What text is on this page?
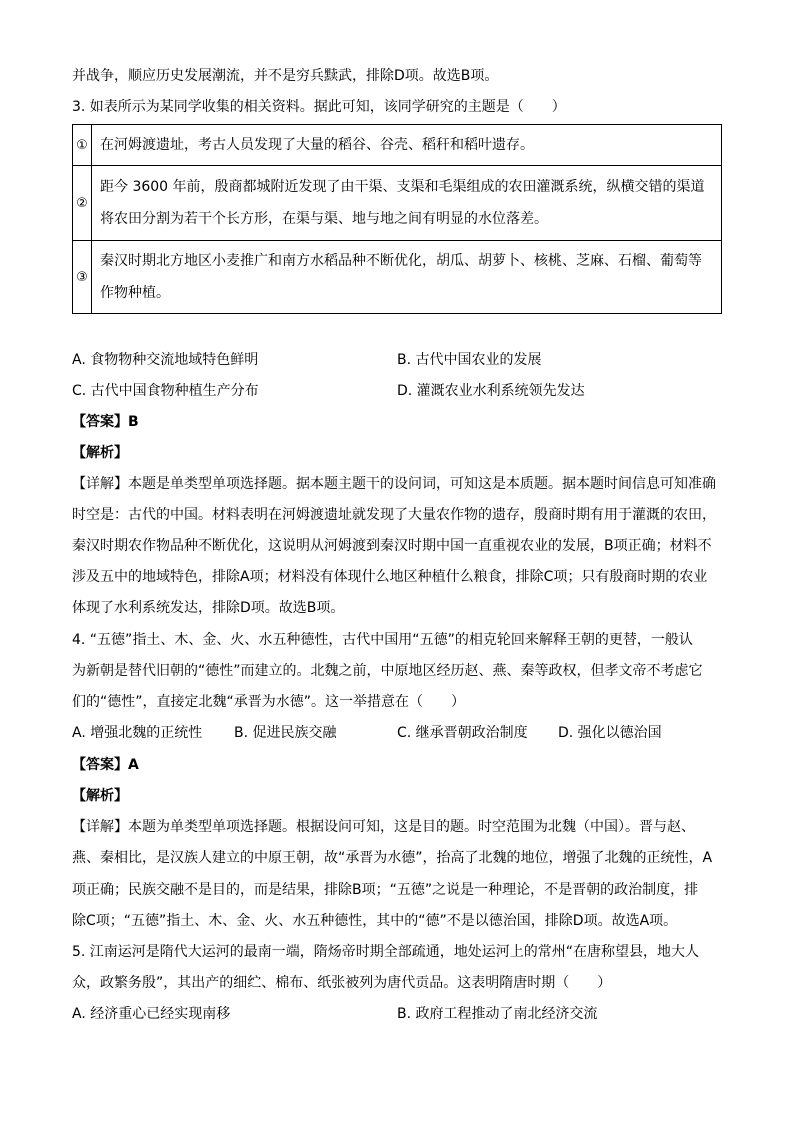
并战争，顺应历史发展潮流，并不是穷兵黩武，排除D项。故选B项。
3. 如表所示为某同学收集的相关资料。据此可知，该同学研究的主题是（　　）
①	在河姆渡遗址，考古人员发现了大量的稻谷、谷壳、稻秆和稻叶遗存。
②	距今 3600 年前，殷商都城附近发现了由干渠、支渠和毛渠组成的农田灌溉系统，纵横交错的渠道将农田分割为若干个长方形，在渠与渠、地与地之间有明显的水位落差。
③	秦汉时期北方地区小麦推广和南方水稻品种不断优化，胡瓜、胡萝卜、核桃、芝麻、石榴、葡萄等作物种植。
A. 食物物种交流地域特色鲜明	B. 古代中国农业的发展
C. 古代中国食物种植生产分布	D. 灌溉农业水利系统领先发达
【答案】B
【解析】
【详解】本题是单类型单项选择题。据本题主题干的设问词，可知这是本质题。据本题时间信息可知准确
时空是：古代的中国。材料表明在河姆渡遗址就发现了大量农作物的遗存，殷商时期有用于灌溉的农田，
秦汉时期农作物品种不断优化，这说明从河姆渡到秦汉时期中国一直重视农业的发展，B项正确；材料不
涉及五中的地域特色，排除A项；材料没有体现什么地区种植什么粮食，排除C项；只有殷商时期的农业
体现了水利系统发达，排除D项。故选B项。
4. “五德”指土、木、金、火、水五种德性，古代中国用“五德”的相克轮回来解释王朝的更替，一般认
为新朝是替代旧朝的“德性”而建立的。北魏之前，中原地区经历赵、燕、秦等政权，但孝文帝不考虑它
们的“德性”，直接定北魏“承晋为水德”。这一举措意在（　　）
A. 增强北魏的正统性 B. 促进民族交融	C. 继承晋朝政治制度 D. 强化以德治国
【答案】A
【解析】
【详解】本题为单类型单项选择题。根据设问可知，这是目的题。时空范围为北魏（中国）。晋与赵、
燕、秦相比，是汉族人建立的中原王朝，故“承晋为水德”，抬高了北魏的地位，增强了北魏的正统性，A
项正确；民族交融不是目的，而是结果，排除B项；“五德”之说是一种理论，不是晋朝的政治制度，排
除C项；“五德”指土、木、金、火、水五种德性，其中的“德”不是以德治国，排除D项。故选A项。
5. 江南运河是隋代大运河的最南一端，隋炀帝时期全部疏通，地处运河上的常州“在唐称望县，地大人
众，政繁务殷”，其出产的细纻、棉布、纸张被列为唐代贡品。这表明隋唐时期（　　）
A. 经济重心已经实现南移	B. 政府工程推动了南北经济交流
